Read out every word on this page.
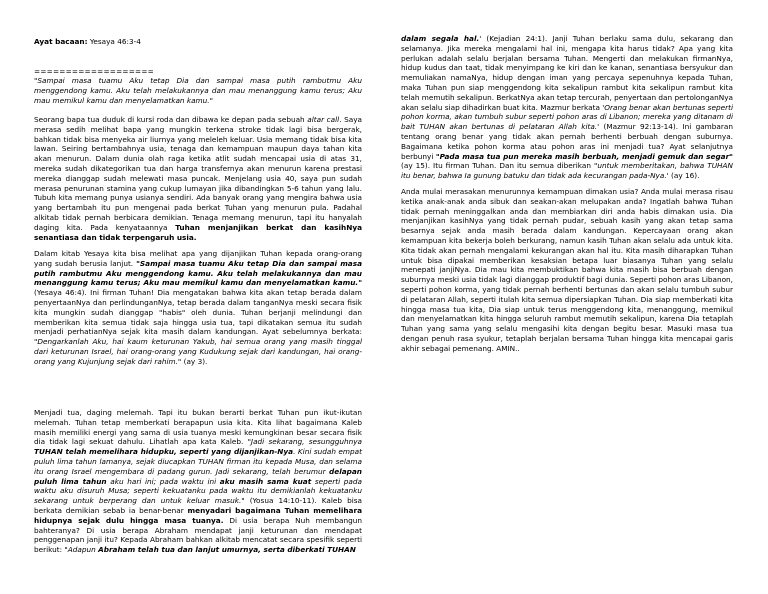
Ayat bacaan: Yesaya 46:3-4

===================

"Sampai masa tuamu Aku tetap Dia dan sampai masa putih rambutmu Aku menggendong kamu. Aku telah melakukannya dan mau menanggung kamu terus; Aku mau memikul kamu dan menyelamatkan kamu."

Seorang bapa tua duduk di kursi roda dan dibawa ke depan pada sebuah altar call. Saya merasa sedih melihat bapa yang mungkin terkena stroke tidak lagi bisa bergerak, bahkan tidak bisa menyeka air liurnya yang meleleh keluar. Usia memang tidak bisa kita lawan. Seiring bertambahnya usia, tenaga dan kemampuan maupun daya tahan kita akan menurun. Dalam dunia olah raga ketika atlit sudah mencapai usia di atas 31, mereka sudah dikategorikan tua dan harga transfernya akan menurun karena prestasi mereka dianggap sudah melewati masa puncak. Menjelang usia 40, saya pun sudah merasa penurunan stamina yang cukup lumayan jika dibandingkan 5-6 tahun yang lalu. Tubuh kita memang punya usianya sendiri. Ada banyak orang yang mengira bahwa usia yang bertambah itu pun mengenai pada berkat Tuhan yang menurun pula. Padahal alkitab tidak pernah berbicara demikian. Tenaga memang menurun, tapi itu hanyalah daging kita. Pada kenyataannya Tuhan menjanjikan berkat dan kasihNya senantiasa dan tidak terpengaruh usia.

Dalam kitab Yesaya kita bisa melihat apa yang dijanjikan Tuhan kepada orang-orang yang sudah berusia lanjut. "Sampai masa tuamu Aku tetap Dia dan sampai masa putih rambutmu Aku menggendong kamu. Aku telah melakukannya dan mau menanggung kamu terus; Aku mau memikul kamu dan menyelamatkan kamu." (Yesaya 46:4). Ini firman Tuhan! Dia mengatakan bahwa kita akan tetap berada dalam penyertaanNya dan perlindunganNya, tetap berada dalam tanganNya meski secara fisik kita mungkin sudah dianggap "habis" oleh dunia. Tuhan berjanji melindungi dan memberikan kita semua tidak saja hingga usia tua, tapi dikatakan semua itu sudah menjadi perhatianNya sejak kita masih dalam kandungan. Ayat sebelumnya berkata: "Dengarkanlah Aku, hai kaum keturunan Yakub, hai semua orang yang masih tinggal dari keturunan Israel, hai orang-orang yang Kudukung sejak dari kandungan, hai orang-orang yang Kujunjung sejak dari rahim." (ay 3).

Menjadi tua, daging melemah. Tapi itu bukan berarti berkat Tuhan pun ikut-ikutan melemah. Tuhan tetap memberkati berapapun usia kita. Kita lihat bagaimana Kaleb masih memiliki energi yang sama di usia tuanya meski kemungkinan besar secara fisik dia tidak lagi sekuat dahulu. Lihatlah apa kata Kaleb. "Jadi sekarang, sesungguhnya TUHAN telah memelihara hidupku, seperti yang dijanjikan-Nya. Kini sudah empat puluh lima tahun lamanya, sejak diucapkan TUHAN firman itu kepada Musa, dan selama itu orang Israel mengembara di padang gurun. Jadi sekarang, telah berumur delapan puluh lima tahun aku hari ini; pada waktu ini aku masih sama kuat seperti pada waktu aku disuruh Musa; seperti kekuatanku pada waktu itu demikianlah kekuatanku sekarang untuk berperang dan untuk keluar masuk." (Yosua 14:10-11). Kaleb bisa berkata demikian sebab ia benar-benar menyadari bagaimana Tuhan memelihara hidupnya sejak dulu hingga masa tuanya. Di usia berapa Nuh membangun bahteranya? Di usia berapa Abraham mendapat janji keturunan dan mendapat penggenapan janji itu? Kepada Abraham bahkan alkitab mencatat secara spesifik seperti berikut: "Adapun Abraham telah tua dan lanjut umurnya, serta diberkati TUHAN

dalam segala hal.' (Kejadian 24:1). Janji Tuhan berlaku sama dulu, sekarang dan selamanya. Jika mereka mengalami hal ini, mengapa kita harus tidak? Apa yang kita perlukan adalah selalu berjalan bersama Tuhan. Mengerti dan melakukan firmanNya, hidup kudus dan taat, tidak menyimpang ke kiri dan ke kanan, senantiasa bersyukur dan memuliakan namaNya, hidup dengan iman yang percaya sepenuhnya kepada Tuhan, maka Tuhan pun siap menggendong kita sekalipun rambut kita sekalipun rambut kita telah memutih sekalipun. BerkatNya akan tetap tercurah, penyertaan dan pertolonganNya akan selalu siap dihadirkan buat kita. Mazmur berkata 'Orang benar akan bertunas seperti pohon korma, akan tumbuh subur seperti pohon aras di Libanon; mereka yang ditanam di bait TUHAN akan bertunas di pelataran Allah kita.' (Mazmur 92:13-14). Ini gambaran tentang orang benar yang tidak akan pernah berhenti berbuah dengan suburnya. Bagaimana ketika pohon korma atau pohon aras ini menjadi tua? Ayat selanjutnya berbunyi "Pada masa tua pun mereka masih berbuah, menjadi gemuk dan segar" (ay 15). Itu firman Tuhan. Dan itu semua diberikan "untuk memberitakan, bahwa TUHAN itu benar, bahwa Ia gunung batuku dan tidak ada kecurangan pada-Nya.' (ay 16).

Anda mulai merasakan menurunnya kemampuan dimakan usia? Anda mulai merasa risau ketika anak-anak anda sibuk dan seakan-akan melupakan anda? Ingatlah bahwa Tuhan tidak pernah meninggalkan anda dan membiarkan diri anda habis dimakan usia. Dia menjanjikan kasihNya yang tidak pernah pudar, sebuah kasih yang akan tetap sama besarnya sejak anda masih berada dalam kandungan. Kepercayaan orang akan kemampuan kita bekerja boleh berkurang, namun kasih Tuhan akan selalu ada untuk kita. Kita tidak akan pernah mengalami kekurangan akan hal itu. Kita masih diharapkan Tuhan untuk bisa dipakai memberikan kesaksian betapa luar biasanya Tuhan yang selalu menepati janjiNya. Dia mau kita membuktikan bahwa kita masih bisa berbuah dengan suburnya meski usia tidak lagi dianggap produktif bagi dunia. Seperti pohon aras Libanon, seperti pohon korma, yang tidak pernah berhenti bertunas dan akan selalu tumbuh subur di pelataran Allah, seperti itulah kita semua dipersiapkan Tuhan. Dia siap memberkati kita hingga masa tua kita, Dia siap untuk terus menggendong kita, menanggung, memikul dan menyelamatkan kita hingga seluruh rambut memutih sekalipun, karena Dia tetaplah Tuhan yang sama yang selalu mengasihi kita dengan begitu besar. Masuki masa tua dengan penuh rasa syukur, tetaplah berjalan bersama Tuhan hingga kita mencapai garis akhir sebagai pemenang. AMIN..
